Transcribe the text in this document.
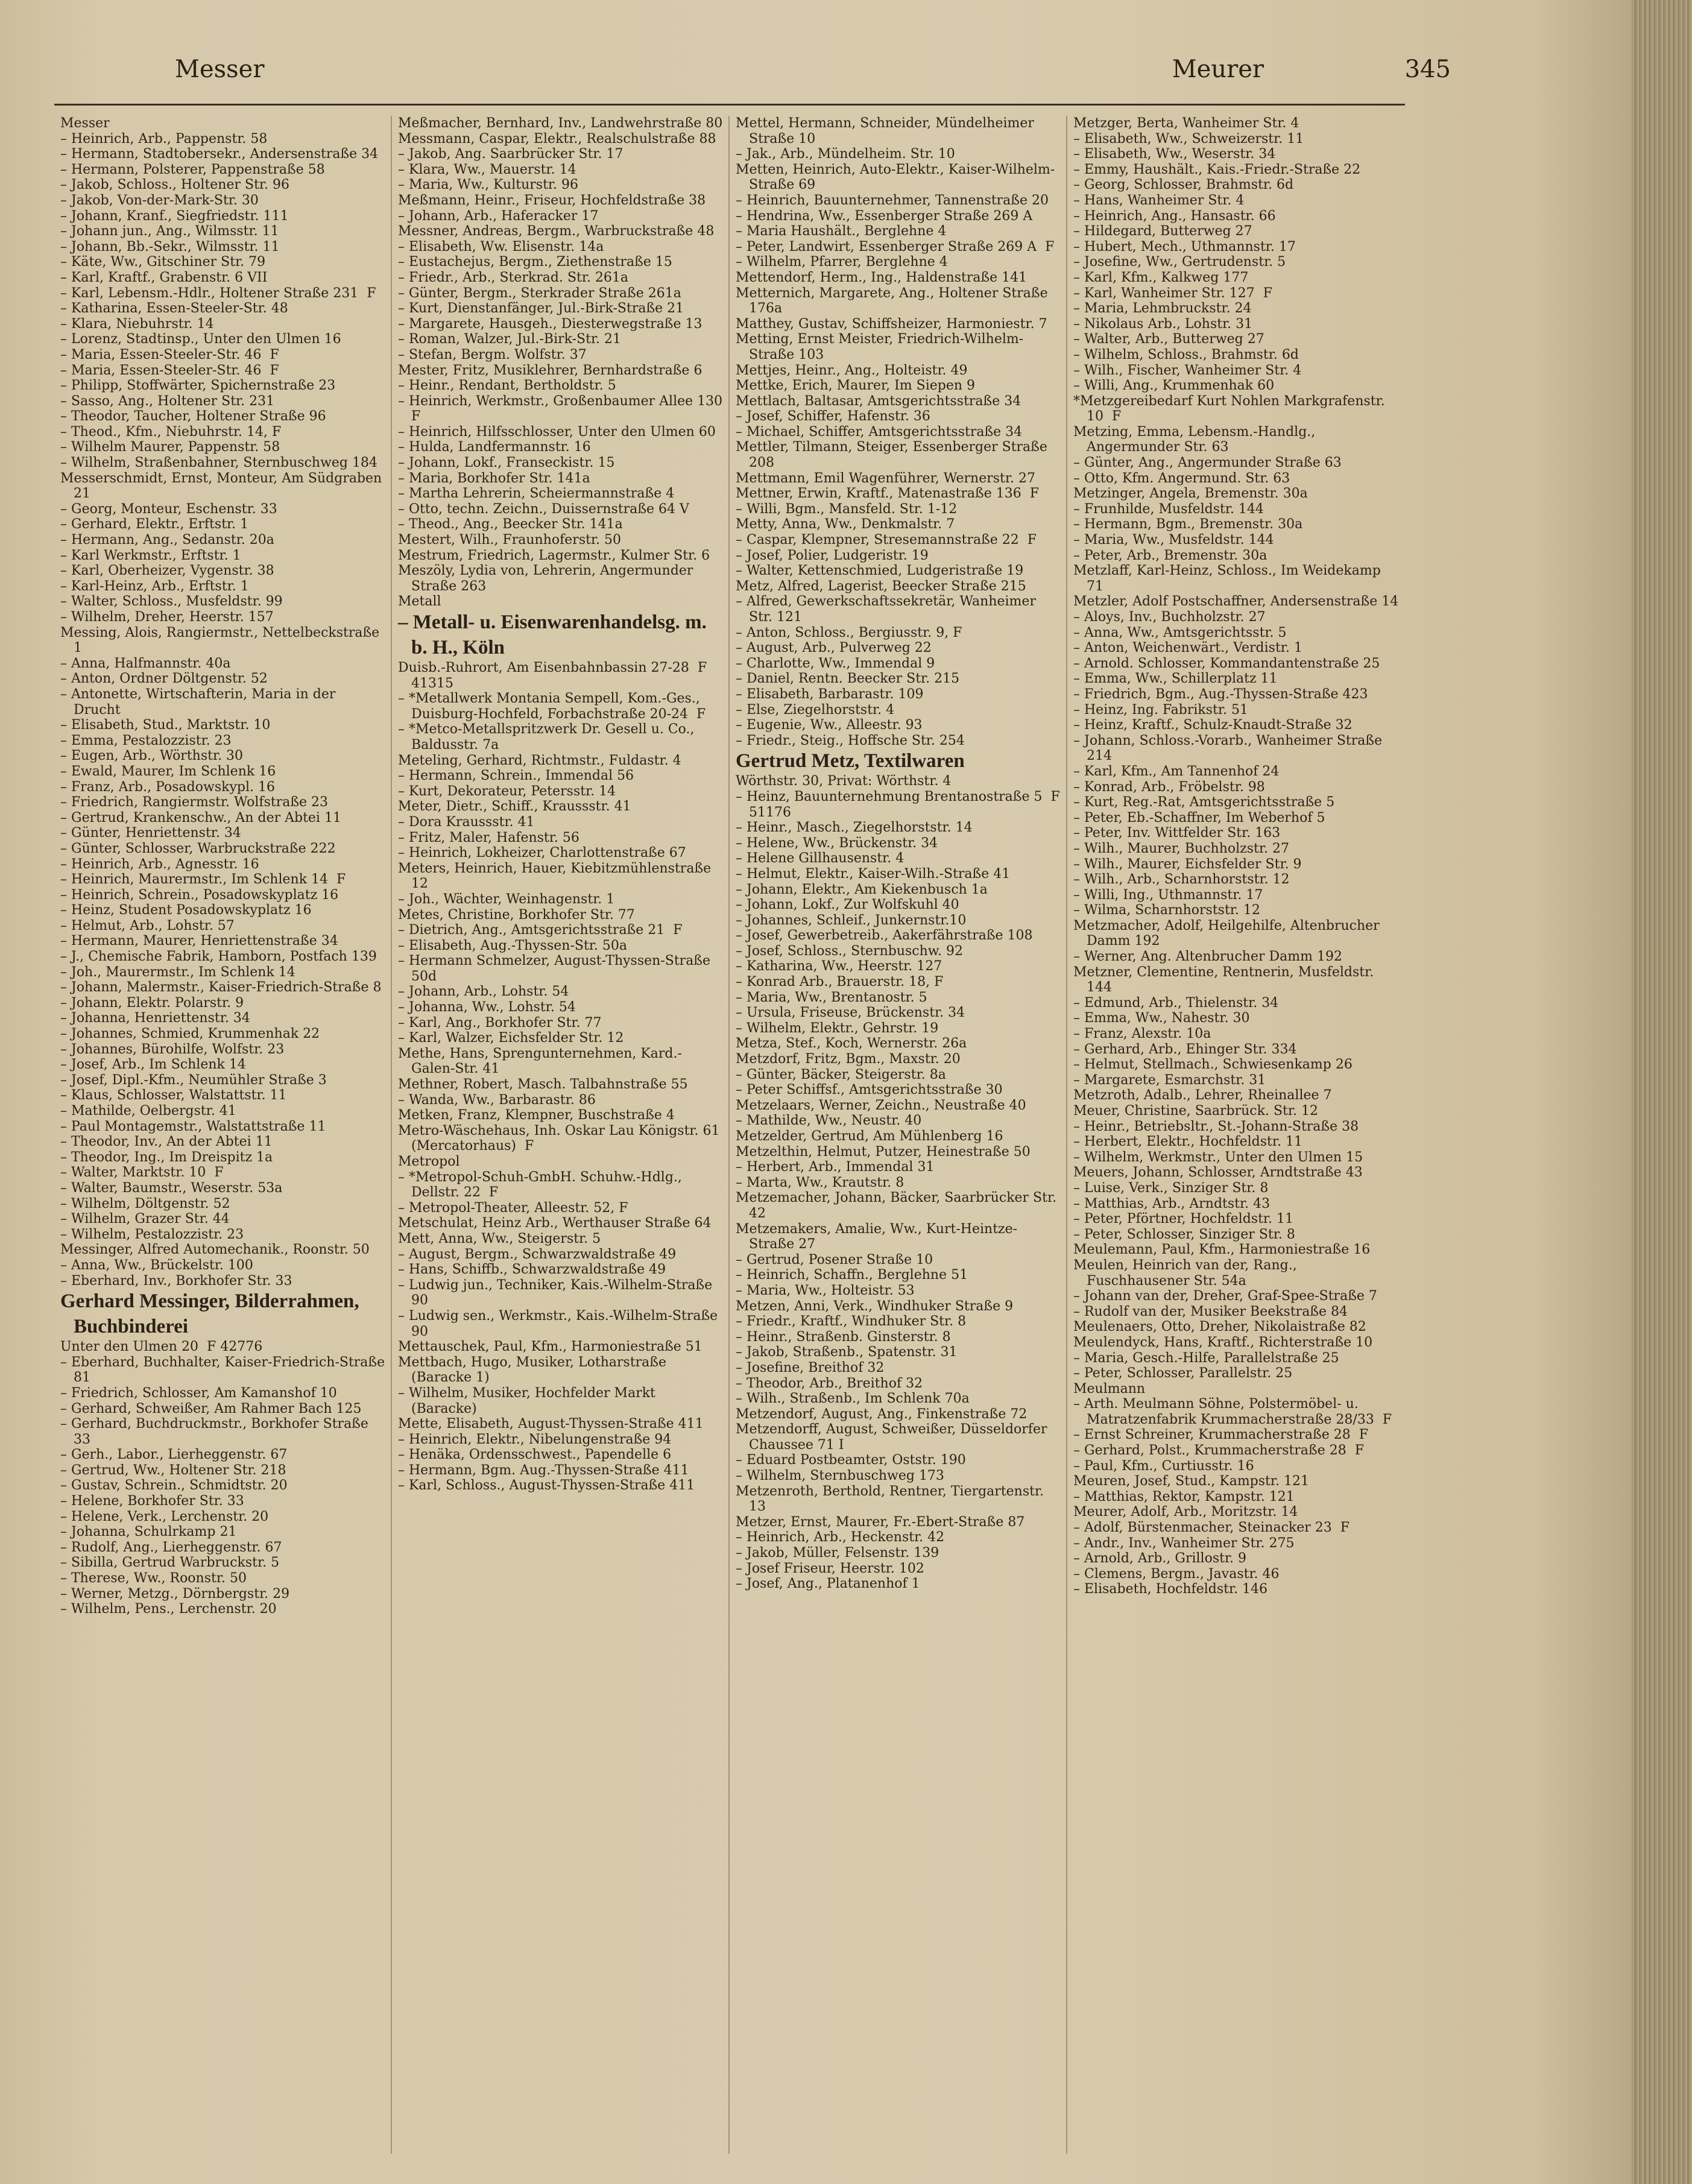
Messer	Meurer	345
Messer
– Heinrich, Arb., Pappenstr. 58
– Hermann, Stadtobersekr., Andersenstraße 34
– Hermann, Polsterer, Pappenstraße 58
– Jakob, Schloss., Holtener Str. 96
– Jakob, Von-der-Mark-Str. 30
– Johann, Kranf., Siegfriedstr. 111
– Johann jun., Ang., Wilmsstr. 11
– Johann, Bb.-Sekr., Wilmsstr. 11
– Käte, Ww., Gitschiner Str. 79
– Karl, Kraftf., Grabenstr. 6 VII
– Karl, Lebensm.-Hdlr., Holtener Straße 231  F
– Katharina, Essen-Steeler-Str. 48
– Klara, Niebuhrstr. 14
– Lorenz, Stadtinsp., Unter den Ulmen 16
– Maria, Essen-Steeler-Str. 46  F
– Maria, Essen-Steeler-Str. 46  F
– Philipp, Stoffwärter, Spichernstraße 23
– Sasso, Ang., Holtener Str. 231
– Theodor, Taucher, Holtener Straße 96
– Theod., Kfm., Niebuhrstr. 14, F
– Wilhelm Maurer, Pappenstr. 58
– Wilhelm, Straßenbahner, Sternbuschweg 184
Messerschmidt, Ernst, Monteur, Am Südgraben 21
– Georg, Monteur, Eschenstr. 33
– Gerhard, Elektr., Erftstr. 1
– Hermann, Ang., Sedanstr. 20a
– Karl Werkmstr., Erftstr. 1
– Karl, Oberheizer, Vygenstr. 38
– Karl-Heinz, Arb., Erftstr. 1
– Walter, Schloss., Musfeldstr. 99
– Wilhelm, Dreher, Heerstr. 157
Messing, Alois, Rangiermstr., Nettelbeckstraße 1
– Anna, Halfmannstr. 40a
– Anton, Ordner Döltgenstr. 52
– Antonette, Wirtschafterin, Maria in der Drucht
– Elisabeth, Stud., Marktstr. 10
– Emma, Pestalozzistr. 23
– Eugen, Arb., Wörthstr. 30
– Ewald, Maurer, Im Schlenk 16
– Franz, Arb., Posadowskypl. 16
– Friedrich, Rangiermstr. Wolfstraße 23
– Gertrud, Krankenschw., An der Abtei 11
– Günter, Henriettenstr. 34
– Günter, Schlosser, Warbruckstraße 222
– Heinrich, Arb., Agnesstr. 16
– Heinrich, Maurermstr., Im Schlenk 14  F
– Heinrich, Schrein., Posadowskyplatz 16
– Heinz, Student Posadowskyplatz 16
– Helmut, Arb., Lohstr. 57
– Hermann, Maurer, Henriettenstraße 34
– J., Chemische Fabrik, Hamborn, Postfach 139
– Joh., Maurermstr., Im Schlenk 14
– Johann, Malermstr., Kaiser-Friedrich-Straße 8
– Johann, Elektr. Polarstr. 9
– Johanna, Henriettenstr. 34
– Johannes, Schmied, Krummenhak 22
– Johannes, Bürohilfe, Wolfstr. 23
– Josef, Arb., Im Schlenk 14
– Josef, Dipl.-Kfm., Neumühler Straße 3
– Klaus, Schlosser, Walstattstr. 11
– Mathilde, Oelbergstr. 41
– Paul Montagemstr., Walstattstraße 11
– Theodor, Inv., An der Abtei 11
– Theodor, Ing., Im Dreispitz 1a
– Walter, Marktstr. 10  F
– Walter, Baumstr., Weserstr. 53a
– Wilhelm, Döltgenstr. 52
– Wilhelm, Grazer Str. 44
– Wilhelm, Pestalozzistr. 23
Messinger, Alfred Automechanik., Roonstr. 50
– Anna, Ww., Brückelstr. 100
– Eberhard, Inv., Borkhofer Str. 33
Gerhard Messinger, Bilderrahmen, Buchbinderei
Unter den Ulmen 20  F 42776
– Eberhard, Buchhalter, Kaiser-Friedrich-Straße 81
– Friedrich, Schlosser, Am Kamanshof 10
– Gerhard, Schweißer, Am Rahmer Bach 125
– Gerhard, Buchdruckmstr., Borkhofer Straße 33
– Gerh., Labor., Lierheggenstr. 67
– Gertrud, Ww., Holtener Str. 218
– Gustav, Schrein., Schmidtstr. 20
– Helene, Borkhofer Str. 33
– Helene, Verk., Lerchenstr. 20
– Johanna, Schulrkamp 21
– Rudolf, Ang., Lierheggenstr. 67
– Sibilla, Gertrud Warbruckstr. 5
– Therese, Ww., Roonstr. 50
– Werner, Metzg., Dörnbergstr. 29
– Wilhelm, Pens., Lerchenstr. 20
Meßmacher, Bernhard, Inv., Landwehrstraße 80
Messmann, Caspar, Elektr., Realschulstraße 88
– Jakob, Ang. Saarbrücker Str. 17
– Klara, Ww., Mauerstr. 14
– Maria, Ww., Kulturstr. 96
Meßmann, Heinr., Friseur, Hochfeldstraße 38
– Johann, Arb., Haferacker 17
Messner, Andreas, Bergm., Warbruckstraße 48
– Elisabeth, Ww. Elisenstr. 14a
– Eustachejus, Bergm., Ziethenstraße 15
– Friedr., Arb., Sterkrad. Str. 261a
– Günter, Bergm., Sterkrader Straße 261a
– Kurt, Dienstanfänger, Jul.-Birk-Straße 21
– Margarete, Hausgeh., Diesterwegstraße 13
– Roman, Walzer, Jul.-Birk-Str. 21
– Stefan, Bergm. Wolfstr. 37
Mester, Fritz, Musiklehrer, Bernhardstraße 6
– Heinr., Rendant, Bertholdstr. 5
– Heinrich, Werkmstr., Großenbaumer Allee 130  F
– Heinrich, Hilfsschlosser, Unter den Ulmen 60
– Hulda, Landfermannstr. 16
– Johann, Lokf., Franseckistr. 15
– Maria, Borkhofer Str. 141a
– Martha Lehrerin, Scheiermannstraße 4
– Otto, techn. Zeichn., Duissernstraße 64 V
– Theod., Ang., Beecker Str. 141a
Mestert, Wilh., Fraunhoferstr. 50
Mestrum, Friedrich, Lagermstr., Kulmer Str. 6
Meszöly, Lydia von, Lehrerin, Angermunder Straße 263
Metall
– Metall- u. Eisenwarenhandelsg. m. b. H., Köln
Duisb.-Ruhrort, Am Eisenbahnbassin 27-28  F 41315
– *Metallwerk Montania Sempell, Kom.-Ges., Duisburg-Hochfeld, Forbachstraße 20-24  F
– *Metco-Metallspritzwerk Dr. Gesell u. Co., Baldusstr. 7a
Meteling, Gerhard, Richtmstr., Fuldastr. 4
– Hermann, Schrein., Immendal 56
– Kurt, Dekorateur, Petersstr. 14
Meter, Dietr., Schiff., Kraussstr. 41
– Dora Kraussstr. 41
– Fritz, Maler, Hafenstr. 56
– Heinrich, Lokheizer, Charlottenstraße 67
Meters, Heinrich, Hauer, Kiebitzmühlenstraße 12
– Joh., Wächter, Weinhagenstr. 1
Metes, Christine, Borkhofer Str. 77
– Dietrich, Ang., Amtsgerichtsstraße 21  F
– Elisabeth, Aug.-Thyssen-Str. 50a
– Hermann Schmelzer, August-Thyssen-Straße 50d
– Johann, Arb., Lohstr. 54
– Johanna, Ww., Lohstr. 54
– Karl, Ang., Borkhofer Str. 77
– Karl, Walzer, Eichsfelder Str. 12
Methe, Hans, Sprengunternehmen, Kard.-Galen-Str. 41
Methner, Robert, Masch. Talbahnstraße 55
– Wanda, Ww., Barbarastr. 86
Metken, Franz, Klempner, Buschstraße 4
Metro-Wäschehaus, Inh. Oskar Lau Königstr. 61 (Mercatorhaus)  F
Metropol
– *Metropol-Schuh-GmbH. Schuhw.-Hdlg., Dellstr. 22  F
– Metropol-Theater, Alleestr. 52, F
Metschulat, Heinz Arb., Werthauser Straße 64
Mett, Anna, Ww., Steigerstr. 5
– August, Bergm., Schwarzwaldstraße 49
– Hans, Schiffb., Schwarzwaldstraße 49
– Ludwig jun., Techniker, Kais.-Wilhelm-Straße 90
– Ludwig sen., Werkmstr., Kais.-Wilhelm-Straße 90
Mettauschek, Paul, Kfm., Harmoniestraße 51
Mettbach, Hugo, Musiker, Lotharstraße (Baracke 1)
– Wilhelm, Musiker, Hochfelder Markt (Baracke)
Mette, Elisabeth, August-Thyssen-Straße 411
– Heinrich, Elektr., Nibelungenstraße 94
– Henäka, Ordensschwest., Papendelle 6
– Hermann, Bgm. Aug.-Thyssen-Straße 411
– Karl, Schloss., August-Thyssen-Straße 411
Mettel, Hermann, Schneider, Mündelheimer Straße 10
– Jak., Arb., Mündelheim. Str. 10
Metten, Heinrich, Auto-Elektr., Kaiser-Wilhelm-Straße 69
– Heinrich, Bauunternehmer, Tannenstraße 20
– Hendrina, Ww., Essenberger Straße 269 A
– Maria Haushält., Berglehne 4
– Peter, Landwirt, Essenberger Straße 269 A  F
– Wilhelm, Pfarrer, Berglehne 4
Mettendorf, Herm., Ing., Haldenstraße 141
Metternich, Margarete, Ang., Holtener Straße 176a
Matthey, Gustav, Schiffsheizer, Harmoniestr. 7
Metting, Ernst Meister, Friedrich-Wilhelm-Straße 103
Mettjes, Heinr., Ang., Holteistr. 49
Mettke, Erich, Maurer, Im Siepen 9
Mettlach, Baltasar, Amtsgerichtsstraße 34
– Josef, Schiffer, Hafenstr. 36
– Michael, Schiffer, Amtsgerichtsstraße 34
Mettler, Tilmann, Steiger, Essenberger Straße 208
Mettmann, Emil Wagenführer, Wernerstr. 27
Mettner, Erwin, Kraftf., Matenastraße 136  F
– Willi, Bgm., Mansfeld. Str. 1-12
Metty, Anna, Ww., Denkmalstr. 7
– Caspar, Klempner, Stresemannstraße 22  F
– Josef, Polier, Ludgeristr. 19
– Walter, Kettenschmied, Ludgeristraße 19
Metz, Alfred, Lagerist, Beecker Straße 215
– Alfred, Gewerkschaftssekretär, Wanheimer Str. 121
– Anton, Schloss., Bergiusstr. 9, F
– August, Arb., Pulverweg 22
– Charlotte, Ww., Immendal 9
– Daniel, Rentn. Beecker Str. 215
– Elisabeth, Barbarastr. 109
– Else, Ziegelhorststr. 4
– Eugenie, Ww., Alleestr. 93
– Friedr., Steig., Hoffsche Str. 254
Gertrud Metz, Textilwaren
Wörthstr. 30, Privat: Wörthstr. 4
– Heinz, Bauunternehmung Brentanostraße 5  F 51176
– Heinr., Masch., Ziegelhorststr. 14
– Helene, Ww., Brückenstr. 34
– Helene Gillhausenstr. 4
– Helmut, Elektr., Kaiser-Wilh.-Straße 41
– Johann, Elektr., Am Kiekenbusch 1a
– Johann, Lokf., Zur Wolfskuhl 40
– Johannes, Schleif., Junkernstr.10
– Josef, Gewerbetreib., Aakerfährstraße 108
– Josef, Schloss., Sternbuschw. 92
– Katharina, Ww., Heerstr. 127
– Konrad Arb., Brauerstr. 18, F
– Maria, Ww., Brentanostr. 5
– Ursula, Friseuse, Brückenstr. 34
– Wilhelm, Elektr., Gehrstr. 19
Metza, Stef., Koch, Wernerstr. 26a
Metzdorf, Fritz, Bgm., Maxstr. 20
– Günter, Bäcker, Steigerstr. 8a
– Peter Schiffsf., Amtsgerichtsstraße 30
Metzelaars, Werner, Zeichn., Neustraße 40
– Mathilde, Ww., Neustr. 40
Metzelder, Gertrud, Am Mühlenberg 16
Metzelthin, Helmut, Putzer, Heinestraße 50
– Herbert, Arb., Immendal 31
– Marta, Ww., Krautstr. 8
Metzemacher, Johann, Bäcker, Saarbrücker Str. 42
Metzemakers, Amalie, Ww., Kurt-Heintze-Straße 27
– Gertrud, Posener Straße 10
– Heinrich, Schaffn., Berglehne 51
– Maria, Ww., Holteistr. 53
Metzen, Anni, Verk., Windhuker Straße 9
– Friedr., Kraftf., Windhuker Str. 8
– Heinr., Straßenb. Ginsterstr. 8
– Jakob, Straßenb., Spatenstr. 31
– Josefine, Breithof 32
– Theodor, Arb., Breithof 32
– Wilh., Straßenb., Im Schlenk 70a
Metzendorf, August, Ang., Finkenstraße 72
Metzendorff, August, Schweißer, Düsseldorfer Chaussee 71 I
– Eduard Postbeamter, Oststr. 190
– Wilhelm, Sternbuschweg 173
Metzenroth, Berthold, Rentner, Tiergartenstr. 13
Metzer, Ernst, Maurer, Fr.-Ebert-Straße 87
– Heinrich, Arb., Heckenstr. 42
– Jakob, Müller, Felsenstr. 139
– Josef Friseur, Heerstr. 102
– Josef, Ang., Platanenhof 1
Metzger, Berta, Wanheimer Str. 4
– Elisabeth, Ww., Schweizerstr. 11
– Elisabeth, Ww., Weserstr. 34
– Emmy, Haushält., Kais.-Friedr.-Straße 22
– Georg, Schlosser, Brahmstr. 6d
– Hans, Wanheimer Str. 4
– Heinrich, Ang., Hansastr. 66
– Hildegard, Butterweg 27
– Hubert, Mech., Uthmannstr. 17
– Josefine, Ww., Gertrudenstr. 5
– Karl, Kfm., Kalkweg 177
– Karl, Wanheimer Str. 127  F
– Maria, Lehmbruckstr. 24
– Nikolaus Arb., Lohstr. 31
– Walter, Arb., Butterweg 27
– Wilhelm, Schloss., Brahmstr. 6d
– Wilh., Fischer, Wanheimer Str. 4
– Willi, Ang., Krummenhak 60
*Metzgereibedarf Kurt Nohlen Markgrafenstr. 10  F
Metzing, Emma, Lebensm.-Handlg., Angermunder Str. 63
– Günter, Ang., Angermunder Straße 63
– Otto, Kfm. Angermund. Str. 63
Metzinger, Angela, Bremenstr. 30a
– Frunhilde, Musfeldstr. 144
– Hermann, Bgm., Bremenstr. 30a
– Maria, Ww., Musfeldstr. 144
– Peter, Arb., Bremenstr. 30a
Metzlaff, Karl-Heinz, Schloss., Im Weidekamp 71
Metzler, Adolf Postschaffner, Andersenstraße 14
– Aloys, Inv., Buchholzstr. 27
– Anna, Ww., Amtsgerichtsstr. 5
– Anton, Weichenwärt., Verdistr. 1
– Arnold. Schlosser, Kommandantenstraße 25
– Emma, Ww., Schillerplatz 11
– Friedrich, Bgm., Aug.-Thyssen-Straße 423
– Heinz, Ing. Fabrikstr. 51
– Heinz, Kraftf., Schulz-Knaudt-Straße 32
– Johann, Schloss.-Vorarb., Wanheimer Straße 214
– Karl, Kfm., Am Tannenhof 24
– Konrad, Arb., Fröbelstr. 98
– Kurt, Reg.-Rat, Amtsgerichtsstraße 5
– Peter, Eb.-Schaffner, Im Weberhof 5
– Peter, Inv. Wittfelder Str. 163
– Wilh., Maurer, Buchholzstr. 27
– Wilh., Maurer, Eichsfelder Str. 9
– Wilh., Arb., Scharnhorststr. 12
– Willi, Ing., Uthmannstr. 17
– Wilma, Scharnhorststr. 12
Metzmacher, Adolf, Heilgehilfe, Altenbrucher Damm 192
– Werner, Ang. Altenbrucher Damm 192
Metzner, Clementine, Rentnerin, Musfeldstr. 144
– Edmund, Arb., Thielenstr. 34
– Emma, Ww., Nahestr. 30
– Franz, Alexstr. 10a
– Gerhard, Arb., Ehinger Str. 334
– Helmut, Stellmach., Schwiesenkamp 26
– Margarete, Esmarchstr. 31
Metzroth, Adalb., Lehrer, Rheinallee 7
Meuer, Christine, Saarbrück. Str. 12
– Heinr., Betriebsltr., St.-Johann-Straße 38
– Herbert, Elektr., Hochfeldstr. 11
– Wilhelm, Werkmstr., Unter den Ulmen 15
Meuers, Johann, Schlosser, Arndtstraße 43
– Luise, Verk., Sinziger Str. 8
– Matthias, Arb., Arndtstr. 43
– Peter, Pförtner, Hochfeldstr. 11
– Peter, Schlosser, Sinziger Str. 8
Meulemann, Paul, Kfm., Harmoniestraße 16
Meulen, Heinrich van der, Rang., Fuschhausener Str. 54a
– Johann van der, Dreher, Graf-Spee-Straße 7
– Rudolf van der, Musiker Beekstraße 84
Meulenaers, Otto, Dreher, Nikolaistraße 82
Meulendyck, Hans, Kraftf., Richterstraße 10
– Maria, Gesch.-Hilfe, Parallelstraße 25
– Peter, Schlosser, Parallelstr. 25
Meulmann
– Arth. Meulmann Söhne, Polstermöbel- u. Matratzenfabrik Krummacherstraße 28/33  F
– Ernst Schreiner, Krummacherstraße 28  F
– Gerhard, Polst., Krummacherstraße 28  F
– Paul, Kfm., Curtiusstr. 16
Meuren, Josef, Stud., Kampstr. 121
– Matthias, Rektor, Kampstr. 121
Meurer, Adolf, Arb., Moritzstr. 14
– Adolf, Bürstenmacher, Steinacker 23  F
– Andr., Inv., Wanheimer Str. 275
– Arnold, Arb., Grillostr. 9
– Clemens, Bergm., Javastr. 46
– Elisabeth, Hochfeldstr. 146
